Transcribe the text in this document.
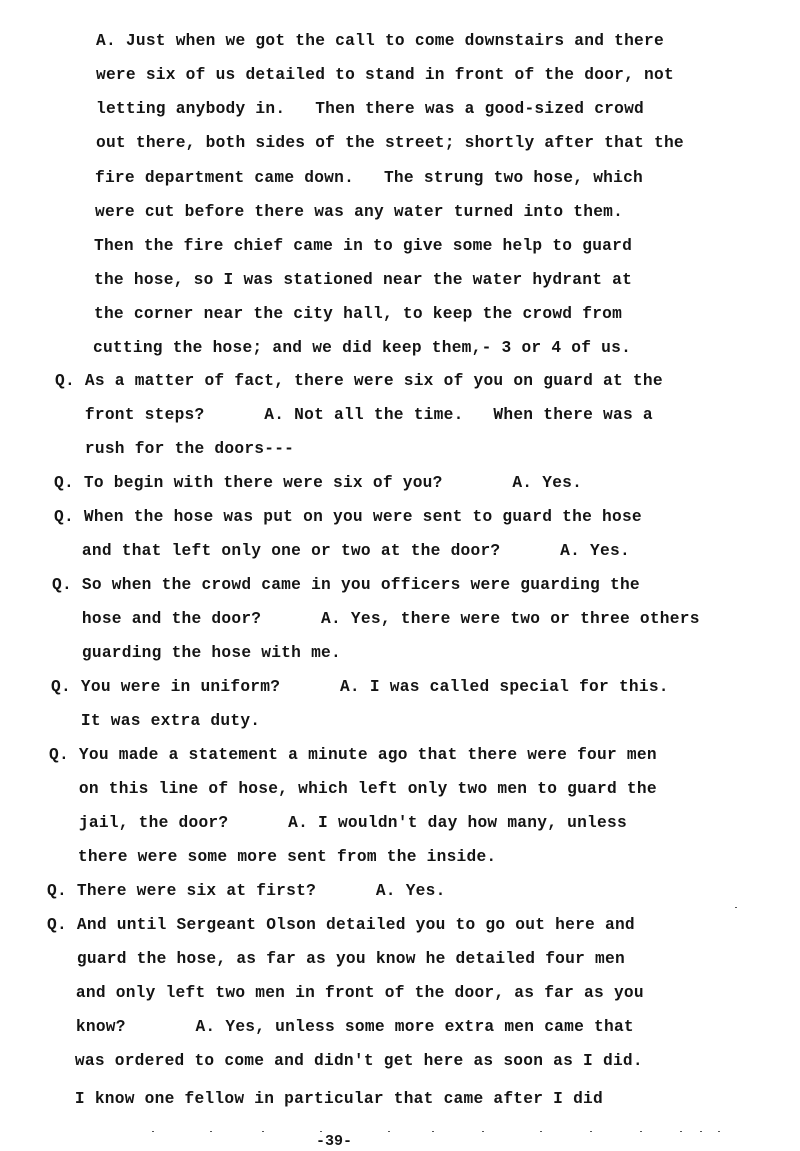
A. Just when we got the call to come downstairs and there
were six of us detailed to stand in front of the door, not
letting anybody in.   Then there was a good-sized crowd
out there, both sides of the street; shortly after that the
fire department came down.   The strung two hose, which
were cut before there was any water turned into them.
Then the fire chief came in to give some help to guard
the hose, so I was stationed near the water hydrant at
the corner near the city hall, to keep the crowd from
cutting the hose; and we did keep them,- 3 or 4 of us.
Q. As a matter of fact, there were six of you on guard at the
front steps?      A. Not all the time.   When there was a
rush for the doors---
Q. To begin with there were six of you?       A. Yes.
Q. When the hose was put on you were sent to guard the hose
and that left only one or two at the door?      A. Yes.
Q. So when the crowd came in you officers were guarding the
hose and the door?      A. Yes, there were two or three others
guarding the hose with me.
Q. You were in uniform?      A. I was called special for this.
It was extra duty.
Q. You made a statement a minute ago that there were four men
on this line of hose, which left only two men to guard the
jail, the door?      A. I wouldn't day how many, unless
there were some more sent from the inside.
Q. There were six at first?      A. Yes.
Q. And until Sergeant Olson detailed you to go out here and
guard the hose, as far as you know he detailed four men
and only left two men in front of the door, as far as you
know?       A. Yes, unless some more extra men came that
was ordered to come and didn't get here as soon as I did.
I know one fellow in particular that came after I did
-39-
